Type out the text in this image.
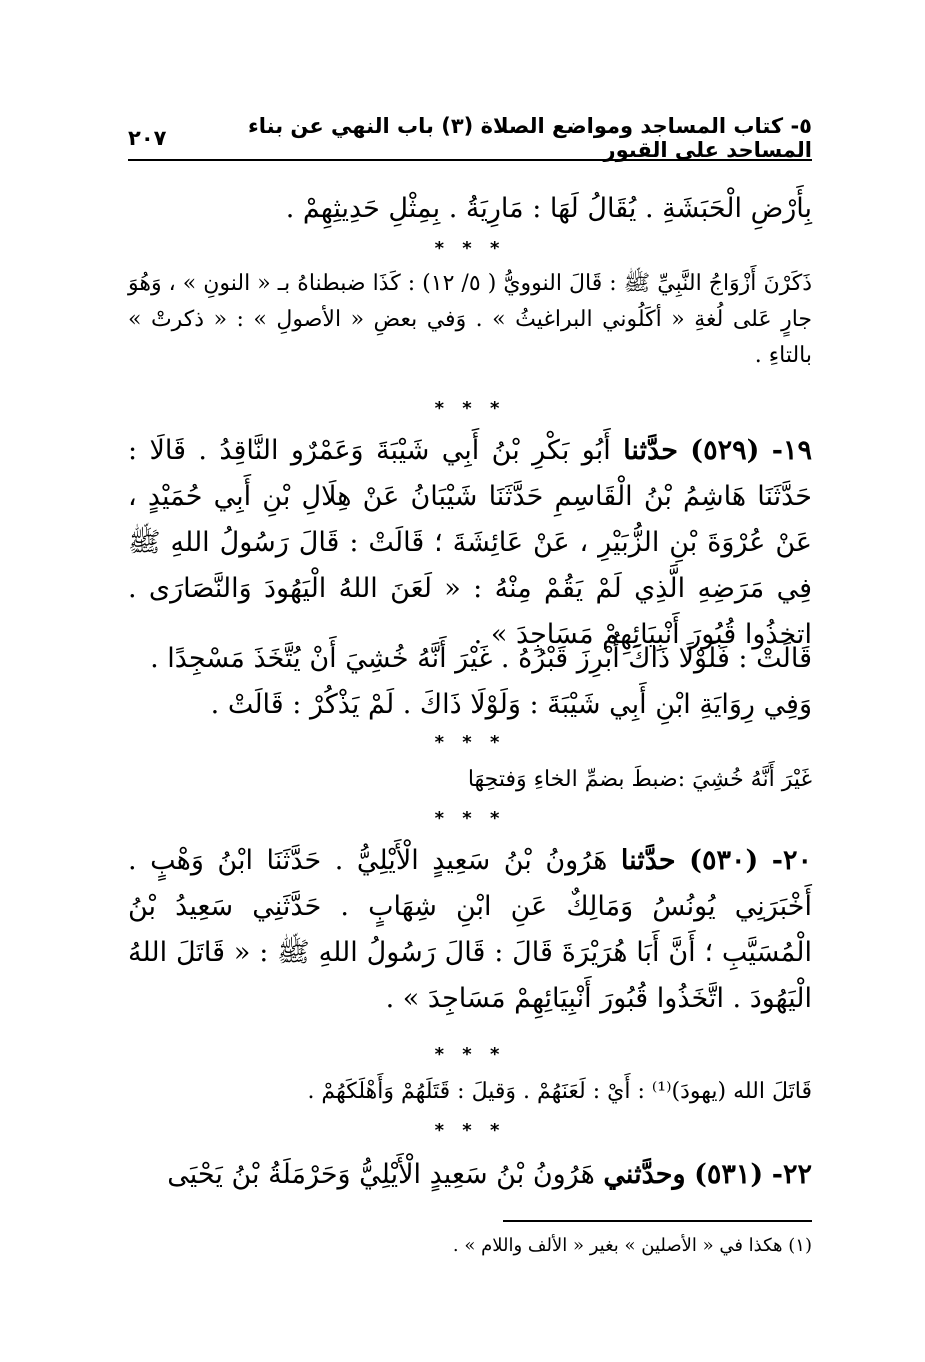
٥- كتاب المساجد ومواضع الصلاة (٣) باب النهي عن بناء المساجد على القبور
٢٠٧
بِأَرْضِ الْحَبَشَةِ . يُقَالُ لَهَا : مَارِيَةُ . بِمِثْلِ حَدِيثِهِمْ .
* * *
ذَكَرْنَ أَزْوَاجُ النَّبِيِّ ﷺ : قَالَ النوويُّ ( ٥/ ١٢) : كَذَا ضبطناهُ بـ « النونِ » ، وَهُوَ جارٍ عَلى لُغةِ « أكَلُوني البراغيثُ » . وَفي بعضِ « الأصولِ » : « ذكرتْ » بالتاءِ .
* * *
١٩- (٥٢٩) حدَّثنا أَبُو بَكْرِ بْنُ أَبِي شَيْبَةَ وَعَمْرٌو النَّاقِدُ . قَالَا : حَدَّثَنَا هَاشِمُ بْنُ الْقَاسِمِ حَدَّثَنَا شَيْبَانُ عَنْ هِلَالِ بْنِ أَبِي حُمَيْدٍ ، عَنْ عُرْوَةَ بْنِ الزُّبَيْرِ ، عَنْ عَائِشَةَ ؛ قَالَتْ : قَالَ رَسُولُ اللهِ ﷺ فِي مَرَضِهِ الَّذِي لَمْ يَقُمْ مِنْهُ : « لَعَنَ اللهُ الْيَهُودَ وَالنَّصَارَى . اتخذُوا قُبُورَ أَنْبِيَائِهِمْ مَسَاجِدَ » .
قَالَتْ : فَلَوْلَا ذَاكَ أُبْرِزَ قَبْرُهُ . غَيْرَ أَنَّهُ خُشِيَ أَنْ يُتَّخَذَ مَسْجِدًا .
وَفِي رِوَايَةِ ابْنِ أَبِي شَيْبَةَ : وَلَوْلَا ذَاكَ . لَمْ يَذْكُرْ : قَالَتْ .
* * *
غَيْرَ أَنَّهُ خُشِيَ :ضبطَ بضمِّ الخاءِ وَفتحِهَا
* * *
٢٠- (٥٣٠) حدَّثنا هَرُونُ بْنُ سَعِيدٍ الْأَيْلِيُّ . حَدَّثَنَا ابْنُ وَهْبٍ . أَخْبَرَنِي يُونُسُ وَمَالِكٌ عَنِ ابْنِ شِهَابٍ . حَدَّثَنِي سَعِيدُ بْنُ الْمُسَيَّبِ ؛ أَنَّ أَبَا هُرَيْرَةَ قَالَ : قَالَ رَسُولُ اللهِ ﷺ : « قَاتَلَ اللهُ الْيَهُودَ . اتَّخَذُوا قُبُورَ أَنْبِيَائِهِمْ مَسَاجِدَ » .
* * *
قَاتَلَ الله (يهودَ)⁽¹⁾ : أَيْ : لَعَنَهُمْ . وَقيلَ : قَتَلَهُمْ وَأَهْلَكَهُمْ .
* * *
٢٢- (٥٣١) وحدَّثني هَرُونُ بْنُ سَعِيدٍ الْأَيْلِيُّ وَحَرْمَلَةُ بْنُ يَحْيَى
(١) هكذا في « الأصلين » بغير « الألف واللام » .
